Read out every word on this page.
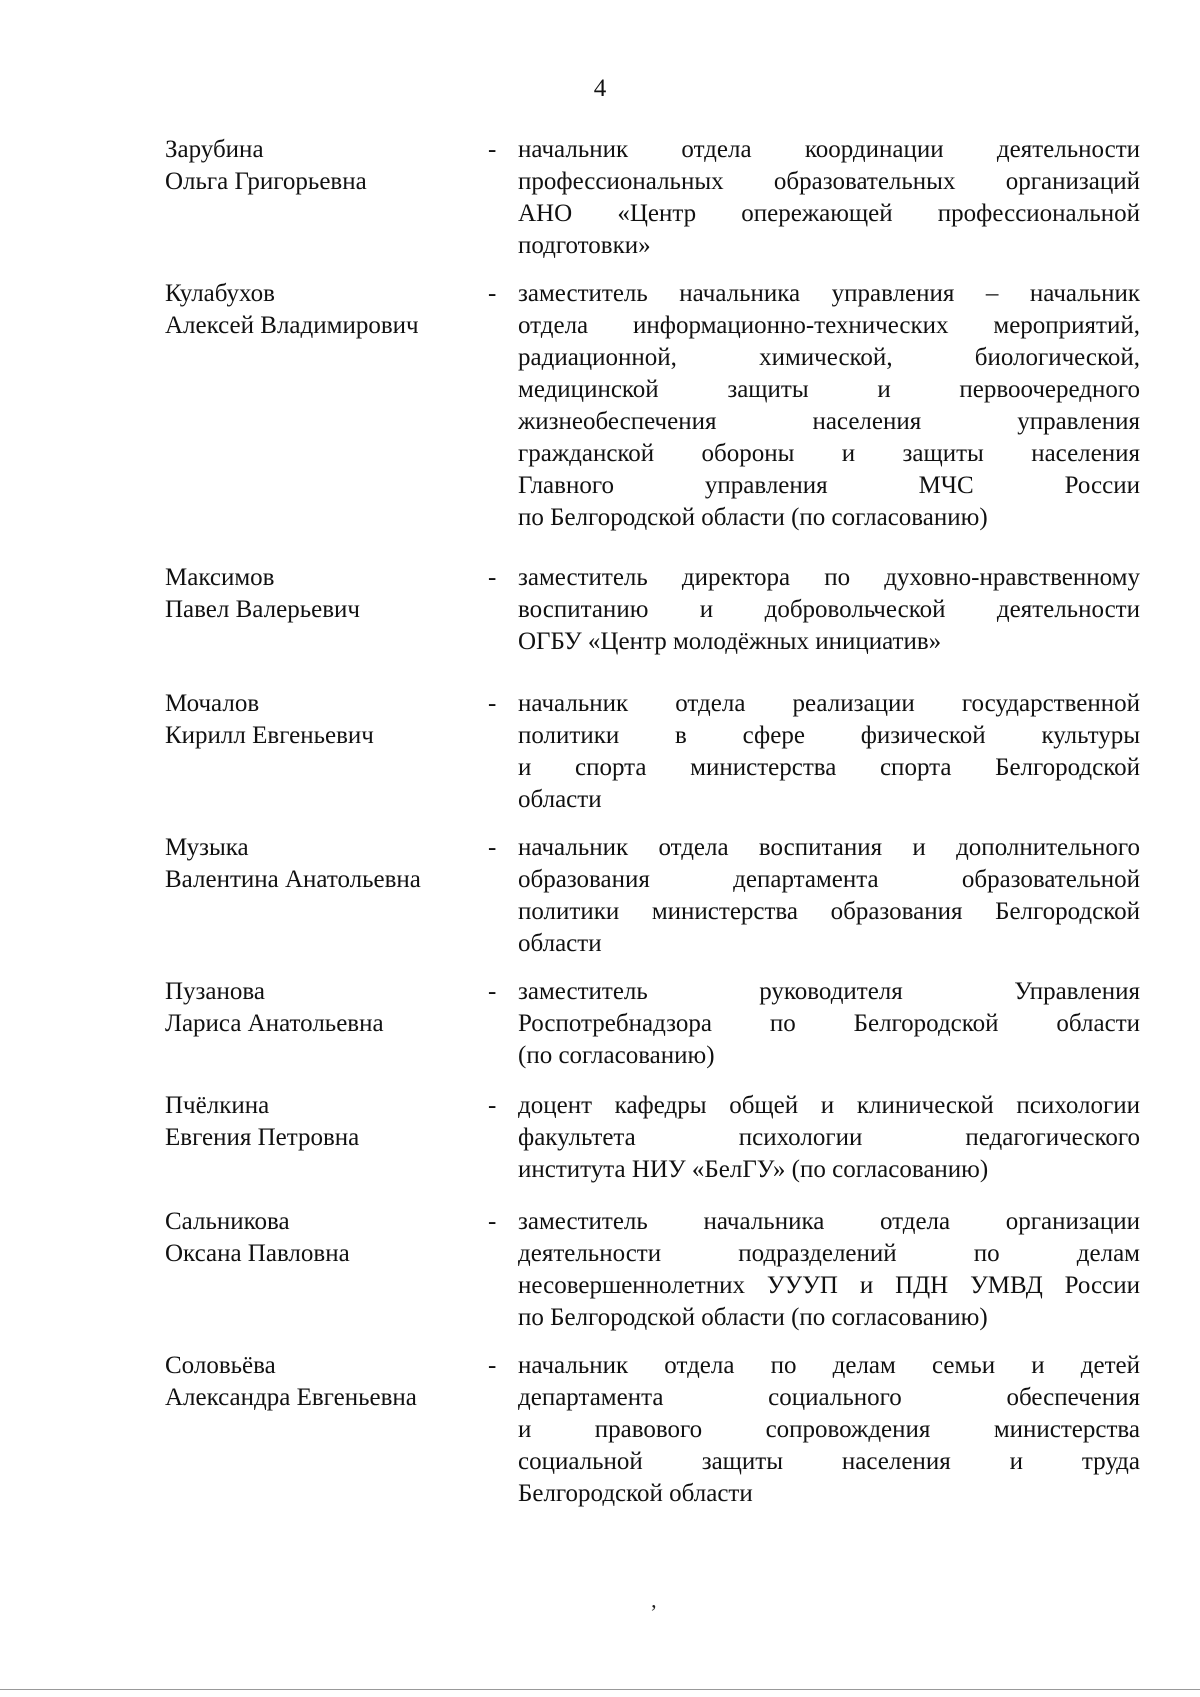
4
Зарубина
Ольга Григорьевна
- начальник отдела координации деятельности
профессиональных образовательных организаций
АНО «Центр опережающей профессиональной
подготовки»
Кулабухов
Алексей Владимирович
- заместитель начальника управления – начальник
отдела информационно-технических мероприятий,
радиационной, химической, биологической,
медицинской защиты и первоочередного
жизнеобеспечения населения управления
гражданской обороны и защиты населения
Главного управления МЧС России
по Белгородской области (по согласованию)
Максимов
Павел Валерьевич
- заместитель директора по духовно-нравственному
воспитанию и добровольческой деятельности
ОГБУ «Центр молодёжных инициатив»
Мочалов
Кирилл Евгеньевич
- начальник отдела реализации государственной
политики в сфере физической культуры
и спорта министерства спорта Белгородской
области
Музыка
Валентина Анатольевна
- начальник отдела воспитания и дополнительного
образования департамента образовательной
политики министерства образования Белгородской
области
Пузанова
Лариса Анатольевна
- заместитель руководителя Управления
Роспотребнадзора по Белгородской области
(по согласованию)
Пчёлкина
Евгения Петровна
- доцент кафедры общей и клинической психологии
факультета психологии педагогического
института НИУ «БелГУ» (по согласованию)
Сальникова
Оксана Павловна
- заместитель начальника отдела организации
деятельности подразделений по делам
несовершеннолетних УУУП и ПДН УМВД России
по Белгородской области (по согласованию)
Соловьёва
Александра Евгеньевна
- начальник отдела по делам семьи и детей
департамента социального обеспечения
и правового сопровождения министерства
социальной защиты населения и труда
Белгородской области
ʼ
